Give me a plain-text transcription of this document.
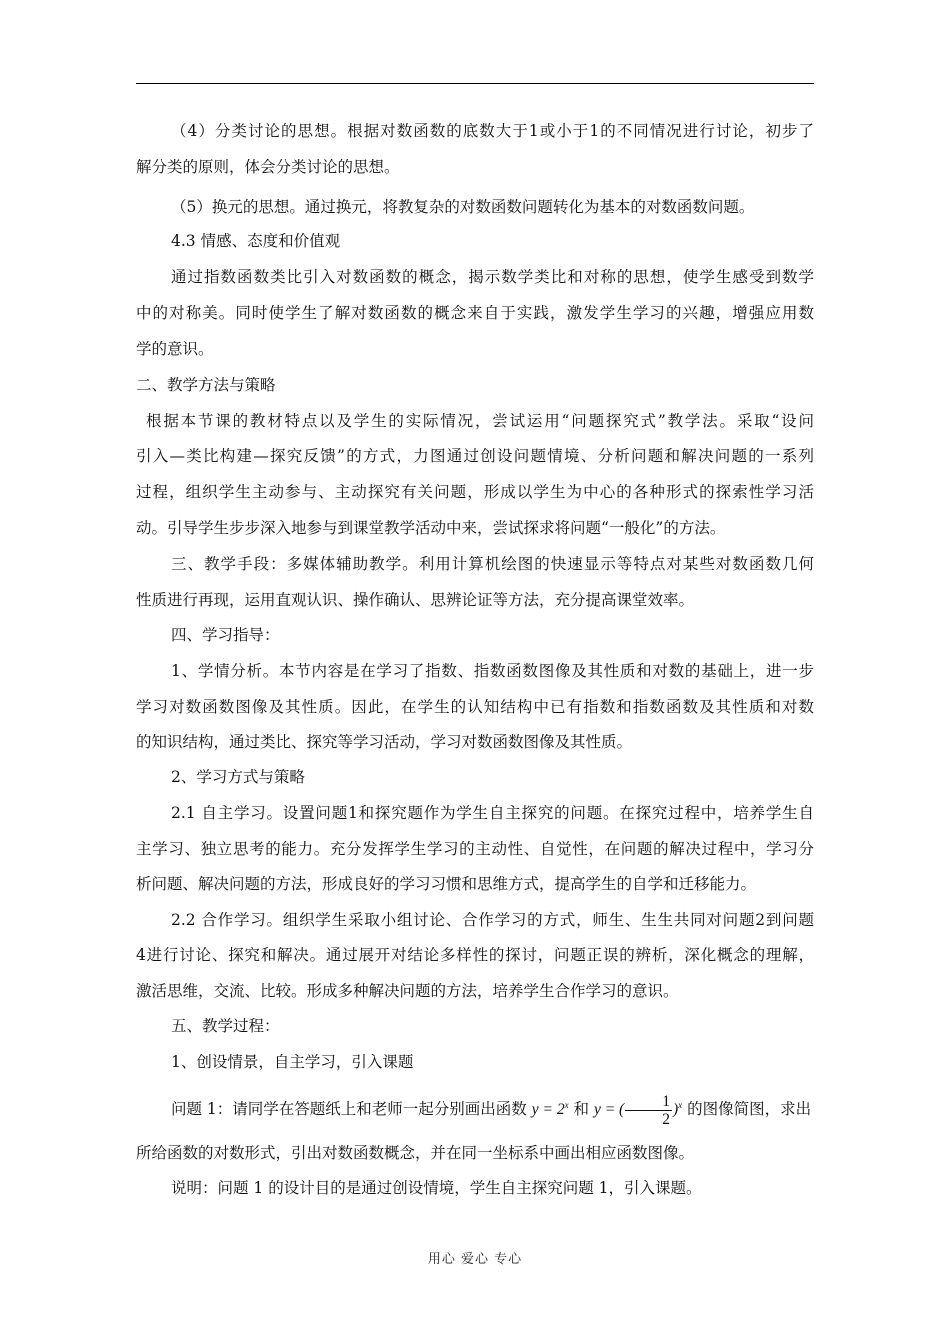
（4）分类讨论的思想。根据对数函数的底数大于1或小于1的不同情况进行讨论，初步了
解分类的原则，体会分类讨论的思想。
（5）换元的思想。通过换元，将教复杂的对数函数问题转化为基本的对数函数问题。
4.3 情感、态度和价值观
通过指数函数类比引入对数函数的概念，揭示数学类比和对称的思想，使学生感受到数学
中的对称美。同时使学生了解对数函数的概念来自于实践，激发学生学习的兴趣，增强应用数
学的意识。
二、教学方法与策略
根据本节课的教材特点以及学生的实际情况，尝试运用“问题探究式”教学法。采取“设问
引入—类比构建—探究反馈”的方式，力图通过创设问题情境、分析问题和解决问题的一系列
过程，组织学生主动参与、主动探究有关问题，形成以学生为中心的各种形式的探索性学习活
动。引导学生步步深入地参与到课堂教学活动中来，尝试探求将问题“一般化”的方法。
三、教学手段：多媒体辅助教学。利用计算机绘图的快速显示等特点对某些对数函数几何
性质进行再现，运用直观认识、操作确认、思辨论证等方法，充分提高课堂效率。
四、学习指导：
1、学情分析。本节内容是在学习了指数、指数函数图像及其性质和对数的基础上，进一步
学习对数函数图像及其性质。因此，在学生的认知结构中已有指数和指数函数及其性质和对数
的知识结构，通过类比、探究等学习活动，学习对数函数图像及其性质。
2、学习方式与策略
2.1 自主学习。设置问题1和探究题作为学生自主探究的问题。在探究过程中，培养学生自
主学习、独立思考的能力。充分发挥学生学习的主动性、自觉性，在问题的解决过程中，学习分
析问题、解决问题的方法，形成良好的学习习惯和思维方式，提高学生的自学和迁移能力。
2.2 合作学习。组织学生采取小组讨论、合作学习的方式，师生、生生共同对问题2到问题
4进行讨论、探究和解决。通过展开对结论多样性的探讨，问题正误的辨析，深化概念的理解，
激活思维，交流、比较。形成多种解决问题的方法，培养学生合作学习的意识。
五、教学过程：
1、创设情景，自主学习，引入课题
问题 1：请同学在答题纸上和老师一起分别画出函数 $y = 2^x$ 和 y = ( $\frac{1}{2} )^x$ 的图像简图，求出
所给函数的对数形式，引出对数函数概念，并在同一坐标系中画出相应函数图像。
说明：问题 1 的设计目的是通过创设情境，学生自主探究问题 1，引入课题。
用心 爱心 专心
